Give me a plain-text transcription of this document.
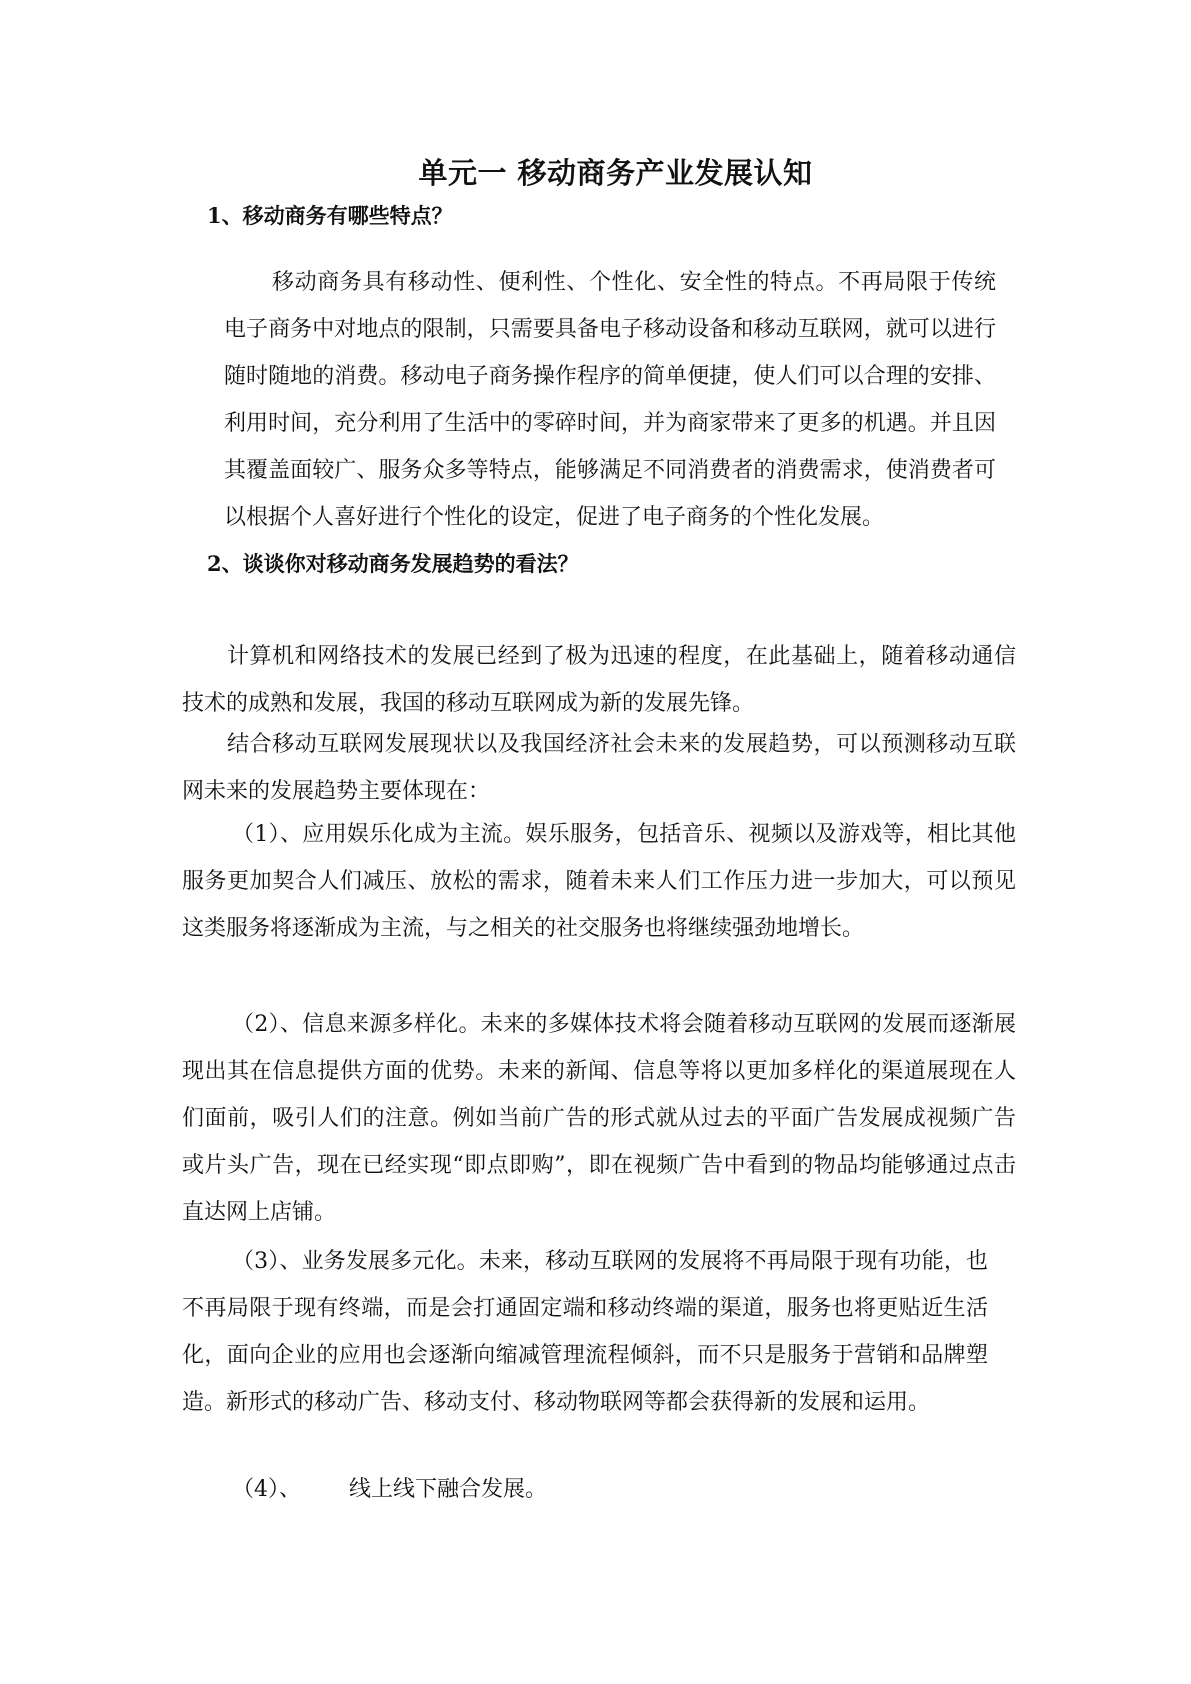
单元一 移动商务产业发展认知
1、移动商务有哪些特点？
移动商务具有移动性、便利性、个性化、安全性的特点。不再局限于传统电子商务中对地点的限制，只需要具备电子移动设备和移动互联网，就可以进行随时随地的消费。移动电子商务操作程序的简单便捷，使人们可以合理的安排、利用时间，充分利用了生活中的零碎时间，并为商家带来了更多的机遇。并且因其覆盖面较广、服务众多等特点，能够满足不同消费者的消费需求，使消费者可以根据个人喜好进行个性化的设定，促进了电子商务的个性化发展。
2、谈谈你对移动商务发展趋势的看法？
计算机和网络技术的发展已经到了极为迅速的程度，在此基础上，随着移动通信技术的成熟和发展，我国的移动互联网成为新的发展先锋。
结合移动互联网发展现状以及我国经济社会未来的发展趋势，可以预测移动互联网未来的发展趋势主要体现在：
（1）、应用娱乐化成为主流。娱乐服务，包括音乐、视频以及游戏等，相比其他服务更加契合人们减压、放松的需求，随着未来人们工作压力进一步加大，可以预见这类服务将逐渐成为主流，与之相关的社交服务也将继续强劲地增长。
（2）、信息来源多样化。未来的多媒体技术将会随着移动互联网的发展而逐渐展现出其在信息提供方面的优势。未来的新闻、信息等将以更加多样化的渠道展现在人们面前，吸引人们的注意。例如当前广告的形式就从过去的平面广告发展成视频广告或片头广告，现在已经实现“即点即购”，即在视频广告中看到的物品均能够通过点击直达网上店铺。
（3）、业务发展多元化。未来，移动互联网的发展将不再局限于现有功能，也不再局限于现有终端，而是会打通固定端和移动终端的渠道，服务也将更贴近生活化，面向企业的应用也会逐渐向缩减管理流程倾斜，而不只是服务于营销和品牌塑造。新形式的移动广告、移动支付、移动物联网等都会获得新的发展和运用。
（4）、 线上线下融合发展。
